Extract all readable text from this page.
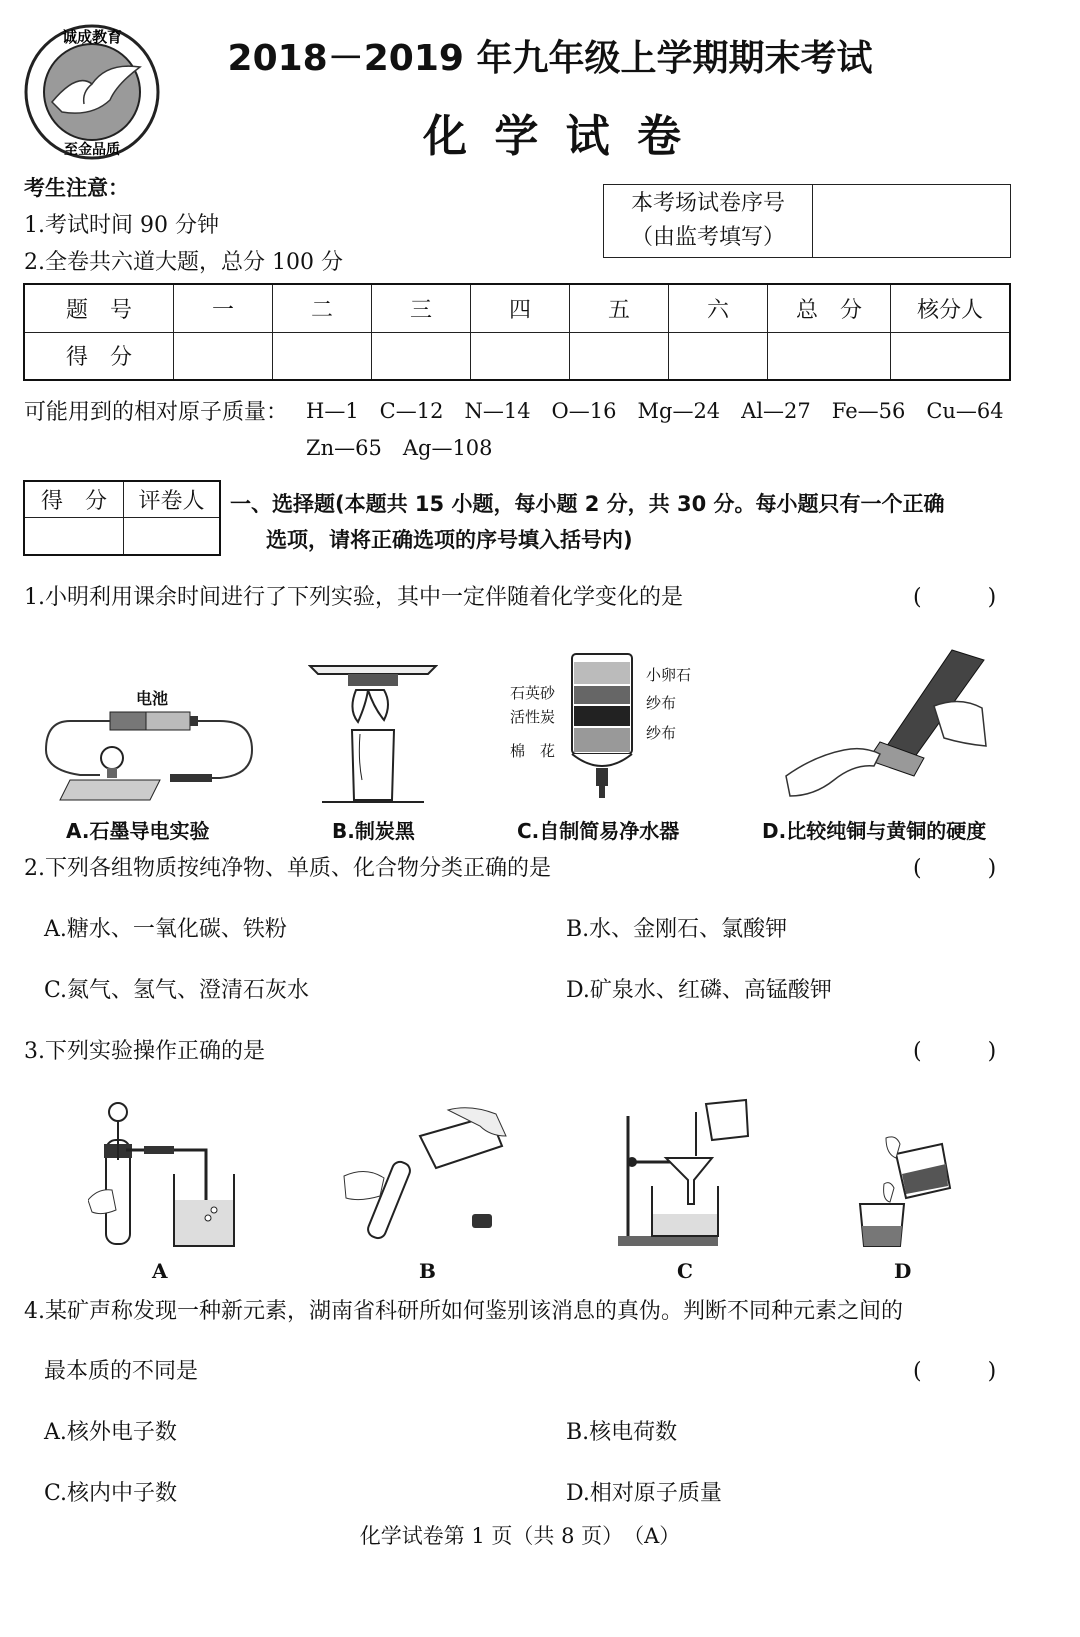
诚成教育
至金品质
2018－2019 年九年级上学期期末考试
化 学 试 卷
考生注意：
1.考试时间 90 分钟
2.全卷共六道大题，总分 100 分
本考场试卷序号
（由监考填写）

题　号	一	二	三	四	五	六	总　分	核分人
得　分								
可能用到的相对原子质量： H—1　C—12　N—14　O—16　Mg—24　Al—27　Fe—56　Cu—64
Zn—65　Ag—108
得　分	评卷人
	一、选择题(本题共 15 小题，每小题 2 分，共 30 分。每小题只有一个正确
选项，请将正确选项的序号填入括号内)
1.小明利用课余时间进行了下列实验，其中一定伴随着化学变化的是	(　　　)
电池
小卵石
石英砂
纱布
活性炭
纱布
棉　花
A.石墨导电实验	B.制炭黑	C.自制简易净水器	D.比较纯铜与黄铜的硬度
2.下列各组物质按纯净物、单质、化合物分类正确的是	(　　　)
A.糖水、一氧化碳、铁粉	B.水、金刚石、氯酸钾
C.氮气、氢气、澄清石灰水	D.矿泉水、红磷、高锰酸钾
3.下列实验操作正确的是	(　　　)
A	B	C	D
4.某矿声称发现一种新元素，湖南省科研所如何鉴别该消息的真伪。判断不同种元素之间的
最本质的不同是	(　　　)
A.核外电子数	B.核电荷数
C.核内中子数	D.相对原子质量
化学试卷第 1 页（共 8 页）　（A）
